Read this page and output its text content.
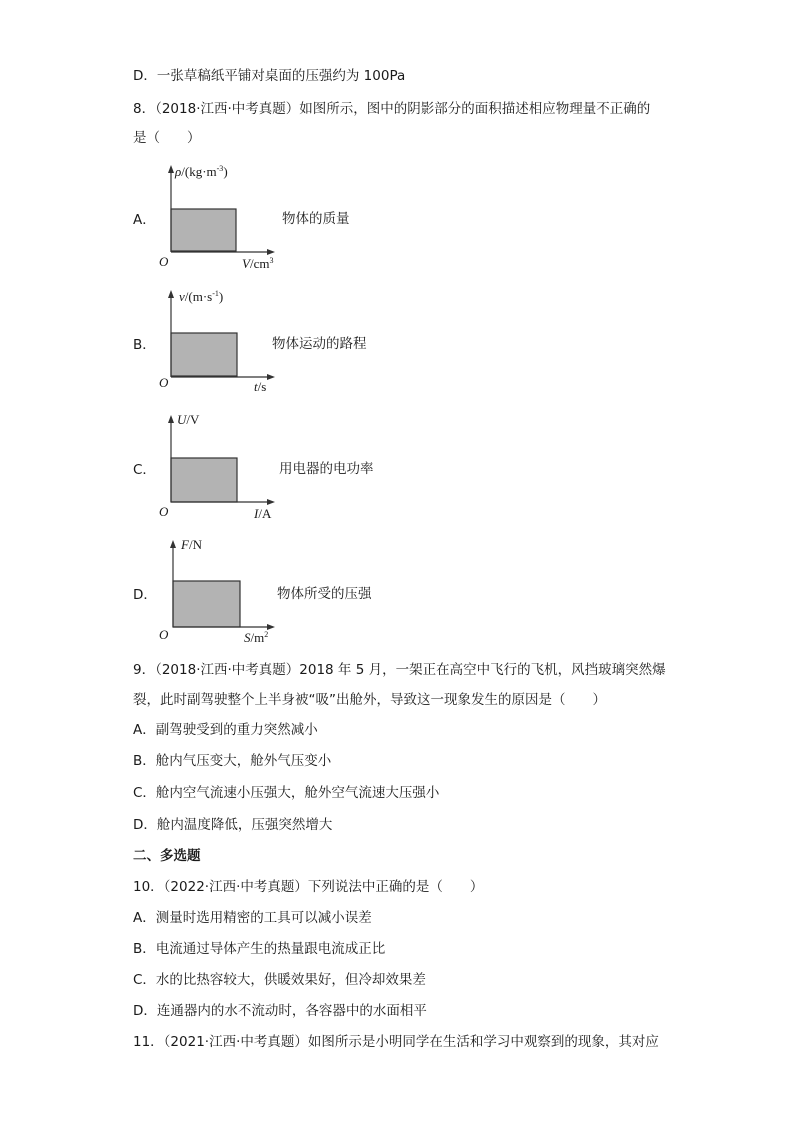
D．一张草稿纸平铺对桌面的压强约为 100Pa
8．（2018·江西·中考真题）如图所示，图中的阴影部分的面积描述相应物理量不正确的
是（　　）
A．
$\rho/(kg\cdot m^{-3})$
O	$V/cm^3$
物体的质量
B．
$v/(m\cdot s^{-1})$
O	t/s
物体运动的路程
C．
U/V
O	I/A
用电器的电功率
D．
F/N
O	$S/m^2$
物体所受的压强
9．（2018·江西·中考真题）2018 年 5 月，一架正在高空中飞行的飞机，风挡玻璃突然爆
裂，此时副驾驶整个上半身被“吸”出舱外，导致这一现象发生的原因是（　　）
A．副驾驶受到的重力突然减小
B．舱内气压变大，舱外气压变小
C．舱内空气流速小压强大，舱外空气流速大压强小
D．舱内温度降低，压强突然增大
二、多选题
10．（2022·江西·中考真题）下列说法中正确的是（　　）
A．测量时选用精密的工具可以减小误差
B．电流通过导体产生的热量跟电流成正比
C．水的比热容较大，供暖效果好，但冷却效果差
D．连通器内的水不流动时，各容器中的水面相平
11．（2021·江西·中考真题）如图所示是小明同学在生活和学习中观察到的现象，其对应
